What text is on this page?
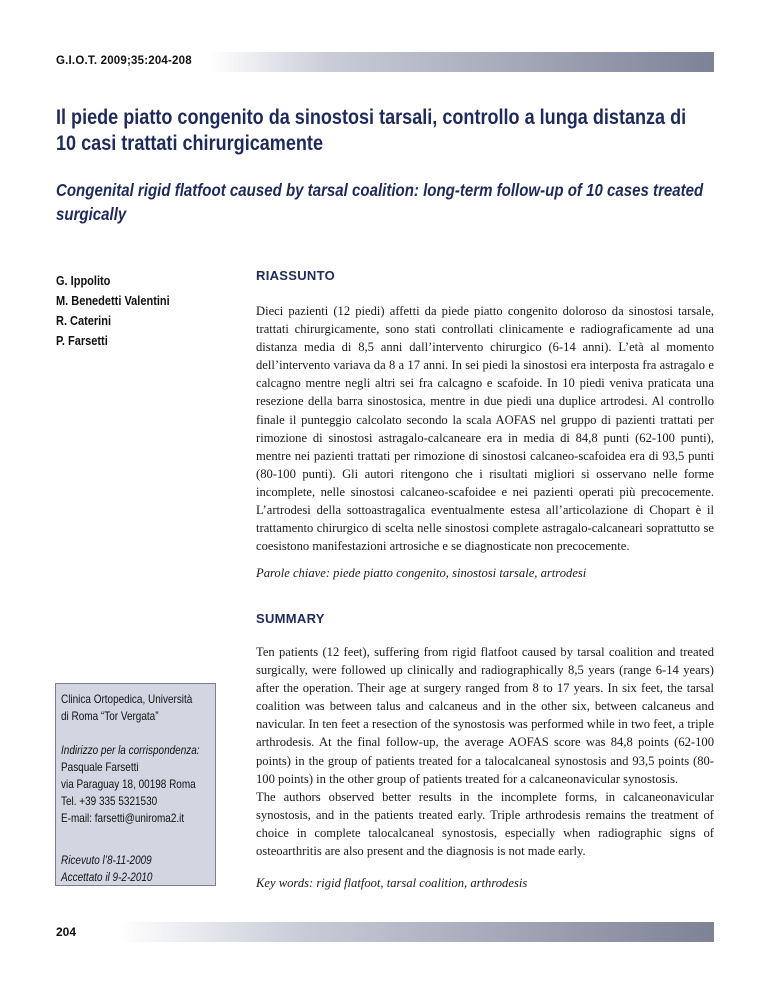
G.I.O.T. 2009;35:204-208
Il piede piatto congenito da sinostosi tarsali, controllo a lunga distanza di 10 casi trattati chirurgicamente
Congenital rigid flatfoot caused by tarsal coalition: long-term follow-up of 10 cases treated surgically
G. Ippolito
M. Benedetti Valentini
R. Caterini
P. Farsetti
RIASSUNTO

Dieci pazienti (12 piedi) affetti da piede piatto congenito doloroso da sinostosi tarsale, trattati chirurgicamente, sono stati controllati clinicamente e radiograficamente ad una distanza media di 8,5 anni dall’intervento chirurgico (6-14 anni). L’età al momento dell’intervento variava da 8 a 17 anni. In sei piedi la sinostosi era interposta fra astragalo e calcagno mentre negli altri sei fra calcagno e scafoide. In 10 piedi veniva praticata una resezione della barra sinostosica, mentre in due piedi una duplice artrodesi. Al controllo finale il punteggio calcolato secondo la scala AOFAS nel gruppo di pazienti trattati per rimozione di sinostosi astragalo-calcaneare era in media di 84,8 punti (62-100 punti), mentre nei pazienti trattati per rimozione di sinostosi calcaneo-scafoidea era di 93,5 punti (80-100 punti). Gli autori ritengono che i risultati migliori si osservano nelle forme incomplete, nelle sinostosi calcaneo-scafoidee e nei pazienti operati più precocemente. L’artrodesi della sottoastragalica eventualmente estesa all’articolazione di Chopart è il trattamento chirurgico di scelta nelle sinostosi complete astragalo-calcaneari soprattutto se coesistono manifestazioni artrosiche e se diagnosticate non precocemente.

Parole chiave: piede piatto congenito, sinostosi tarsale, artrodesi
SUMMARY

Ten patients (12 feet), suffering from rigid flatfoot caused by tarsal coalition and treated surgically, were followed up clinically and radiographically 8,5 years (range 6-14 years) after the operation. Their age at surgery ranged from 8 to 17 years. In six feet, the tarsal coalition was between talus and calcaneus and in the other six, between calcaneus and navicular. In ten feet a resection of the synostosis was performed while in two feet, a triple arthrodesis. At the final follow-up, the average AOFAS score was 84,8 points (62-100 points) in the group of patients treated for a talocalcaneal synostosis and 93,5 points (80-100 points) in the other group of patients treated for a calcaneonavicular synostosis.

The authors observed better results in the incomplete forms, in calcaneonavicular synostosis, and in the patients treated early. Triple arthrodesis remains the treatment of choice in complete talocalcaneal synostosis, especially when radiographic signs of osteoarthritis are also present and the diagnosis is not made early.

Key words: rigid flatfoot, tarsal coalition, arthrodesis
Clinica Ortopedica, Università
di Roma “Tor Vergata”
Indirizzo per la corrispondenza:
Pasquale Farsetti
via Paraguay 18, 00198 Roma
Tel. +39 335 5321530
E-mail: farsetti@uniroma2.it
Ricevuto l’8-11-2009
Accettato il 9-2-2010
204
